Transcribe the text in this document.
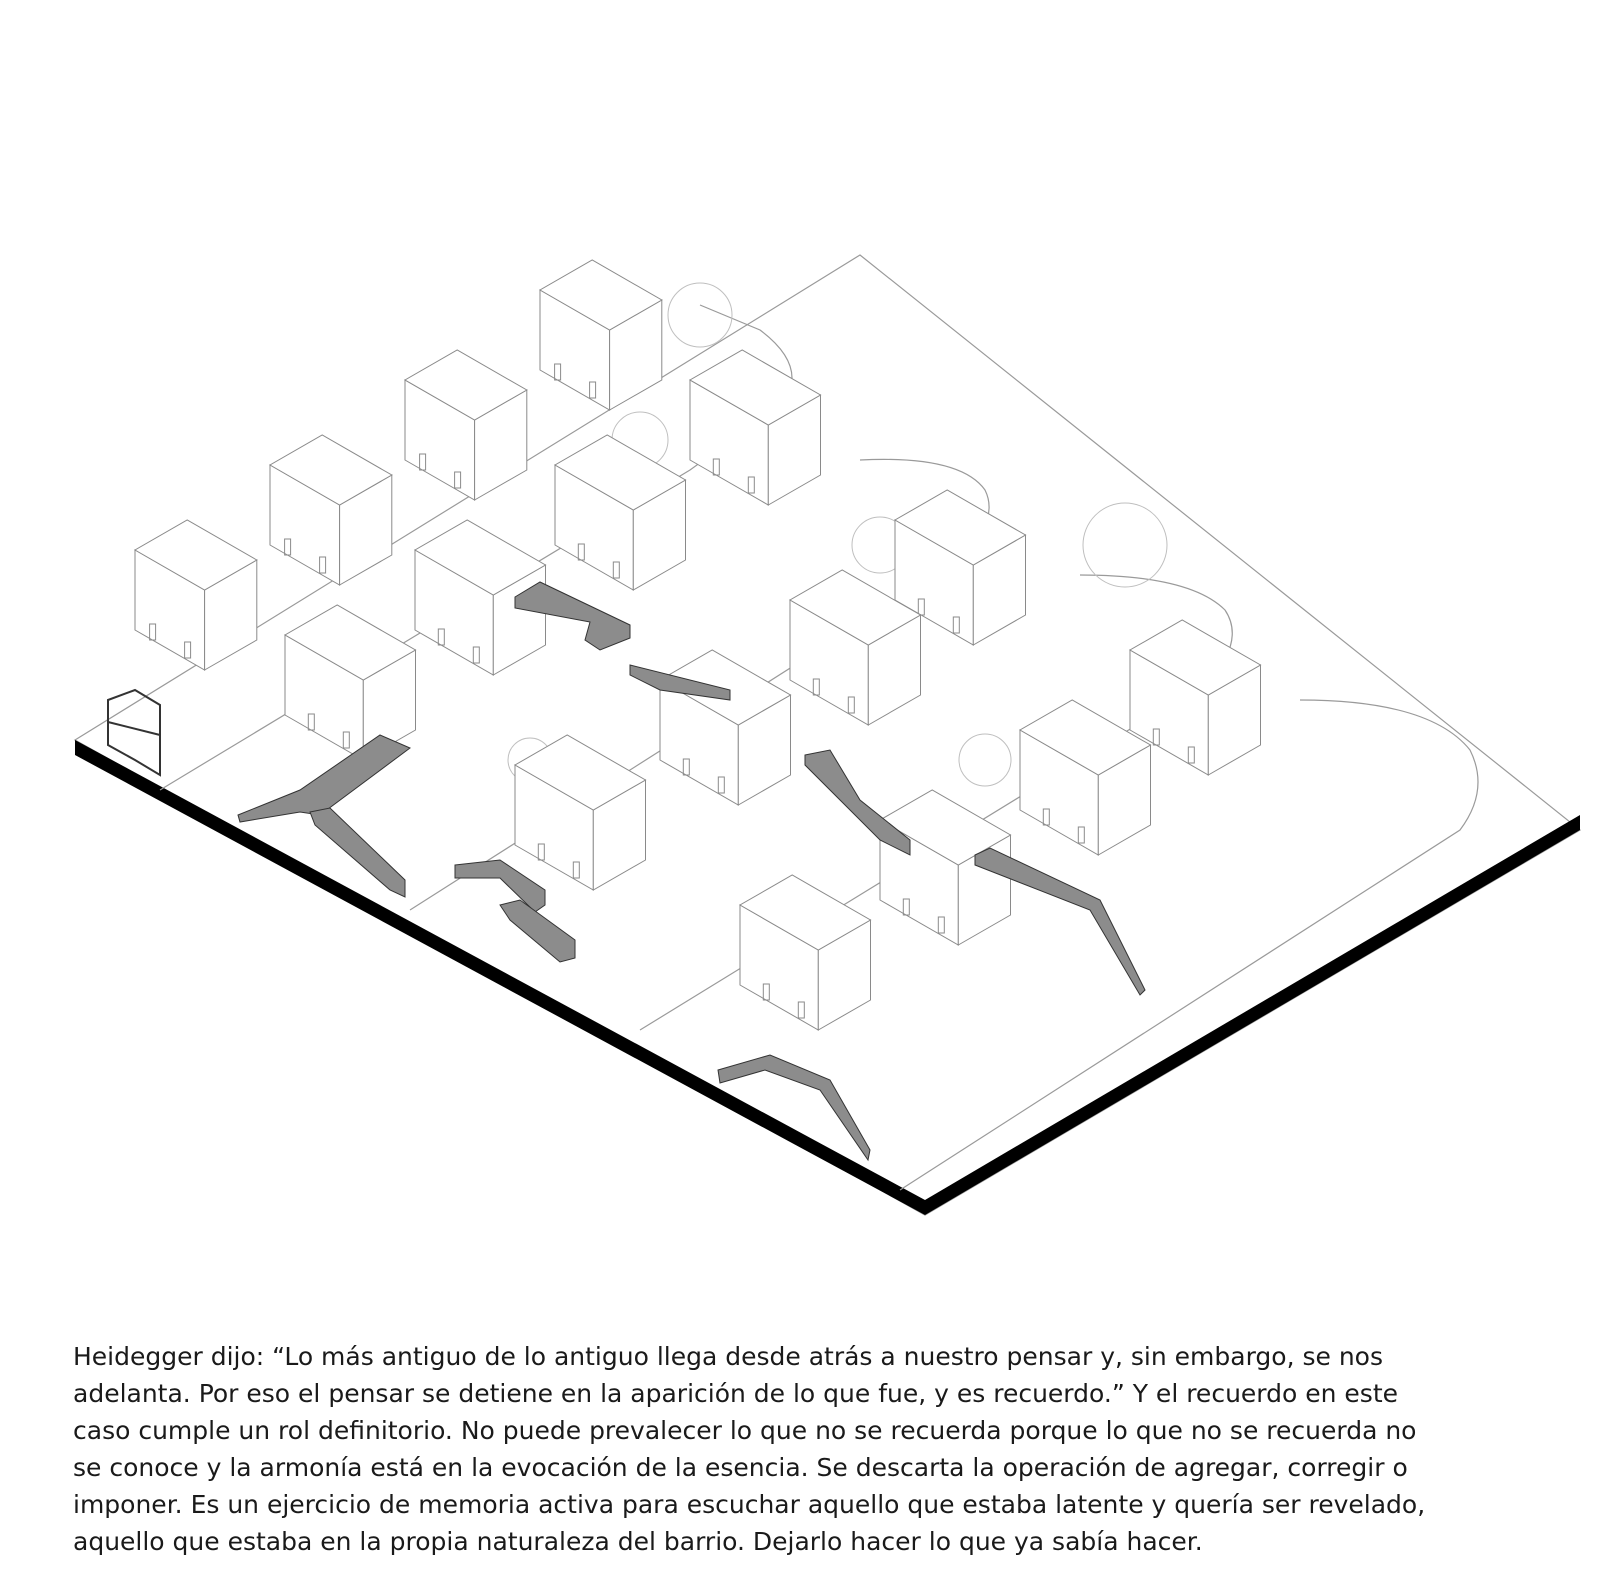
Heidegger dijo: “Lo más antiguo de lo antiguo llega desde atrás a nuestro pensar y, sin embargo, se nos
adelanta. Por eso el pensar se detiene en la aparición de lo que fue, y es recuerdo.” Y el recuerdo en este
caso cumple un rol definitorio. No puede prevalecer lo que no se recuerda porque lo que no se recuerda no
se conoce y la armonía está en la evocación de la esencia. Se descarta la operación de agregar, corregir o
imponer. Es un ejercicio de memoria activa para escuchar aquello que estaba latente y quería ser revelado,
aquello que estaba en la propia naturaleza del barrio. Dejarlo hacer lo que ya sabía hacer.
